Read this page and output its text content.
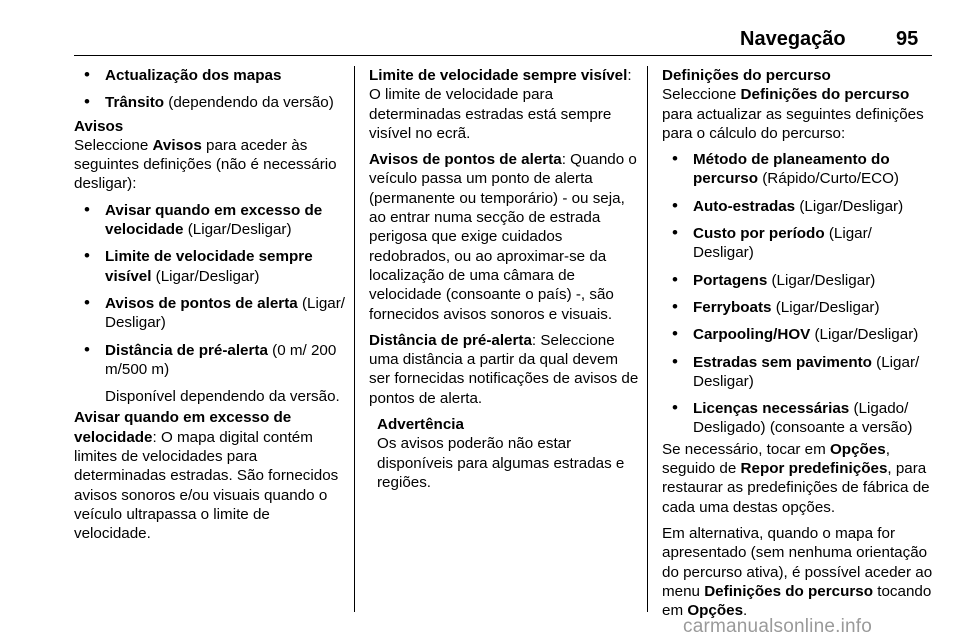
Navegação	95
• Actualização dos mapas
• Trânsito (dependendo da versão)
Avisos

Seleccione Avisos para aceder às seguintes definições (não é necessário desligar):

• Avisar quando em excesso de velocidade (Ligar/Desligar)
• Limite de velocidade sempre visível (Ligar/Desligar)
• Avisos de pontos de alerta (Ligar/ Desligar)
• Distância de pré-alerta (0 m/ 200 m/500 m)

Disponível dependendo da versão.

Avisar quando em excesso de velocidade: O mapa digital contém limites de velocidades para determinadas estradas. São fornecidos avisos sonoros e/ou visuais quando o veículo ultrapassa o limite de velocidade.

Limite de velocidade sempre visível: O limite de velocidade para determinadas estradas está sempre visível no ecrã.

Avisos de pontos de alerta: Quando o veículo passa um ponto de alerta (permanente ou temporário) - ou seja, ao entrar numa secção de estrada perigosa que exige cuidados redobrados, ou ao aproximar-se da localização de uma câmara de velocidade (consoante o país) -, são fornecidos avisos sonoros e visuais.

Distância de pré-alerta: Seleccione uma distância a partir da qual devem ser fornecidas notificações de avisos de pontos de alerta.

Advertência
Os avisos poderão não estar disponíveis para algumas estradas e regiões.
Definições do percurso

Seleccione Definições do percurso para actualizar as seguintes definições para o cálculo do percurso:

• Método de planeamento do percurso (Rápido/Curto/ECO)
• Auto-estradas (Ligar/Desligar)
• Custo por período (Ligar/ Desligar)
• Portagens (Ligar/Desligar)
• Ferryboats (Ligar/Desligar)
• Carpooling/HOV (Ligar/Desligar)
• Estradas sem pavimento (Ligar/ Desligar)
• Licenças necessárias (Ligado/ Desligado) (consoante a versão)

Se necessário, tocar em Opções, seguido de Repor predefinições, para restaurar as predefinições de fábrica de cada uma destas opções.

Em alternativa, quando o mapa for apresentado (sem nenhuma orientação do percurso ativa), é possível aceder ao menu Definições do percurso tocando em Opções.

carmanualsonline.info
